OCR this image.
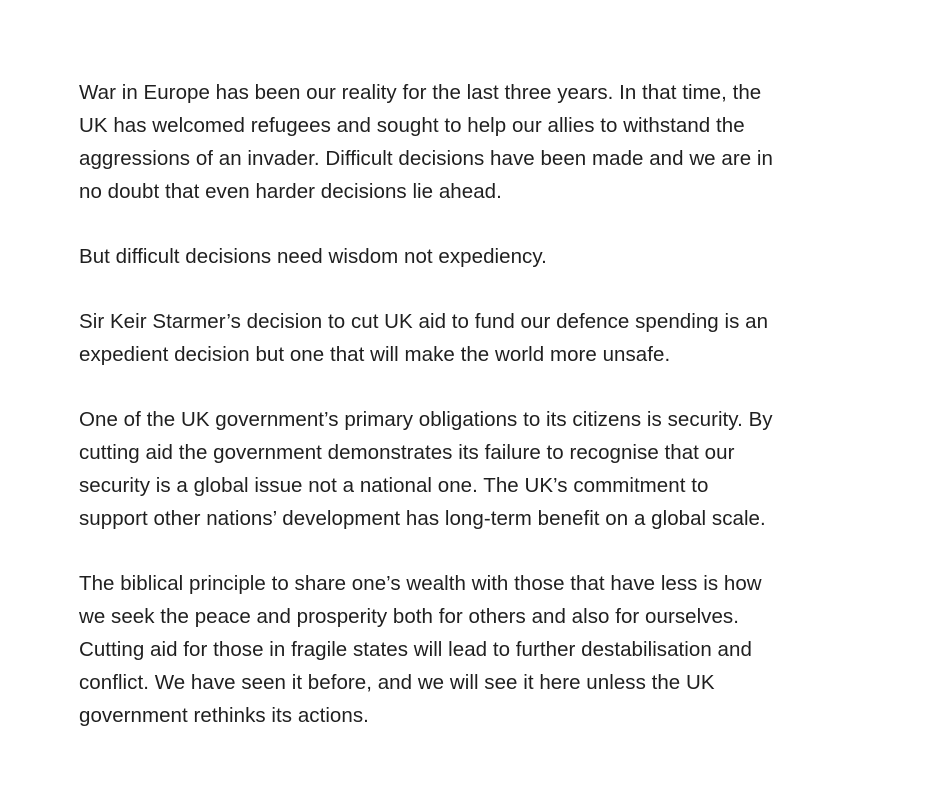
War in Europe has been our reality for the last three years. In that time, the
UK has welcomed refugees and sought to help our allies to withstand the
aggressions of an invader. Difficult decisions have been made and we are in
no doubt that even harder decisions lie ahead.

But difficult decisions need wisdom not expediency.

Sir Keir Starmer’s decision to cut UK aid to fund our defence spending is an
expedient decision but one that will make the world more unsafe.

One of the UK government’s primary obligations to its citizens is security. By
cutting aid the government demonstrates its failure to recognise that our
security is a global issue not a national one. The UK’s commitment to
support other nations’ development has long-term benefit on a global scale.

The biblical principle to share one’s wealth with those that have less is how
we seek the peace and prosperity both for others and also for ourselves.
Cutting aid for those in fragile states will lead to further destabilisation and
conflict. We have seen it before, and we will see it here unless the UK
government rethinks its actions.
